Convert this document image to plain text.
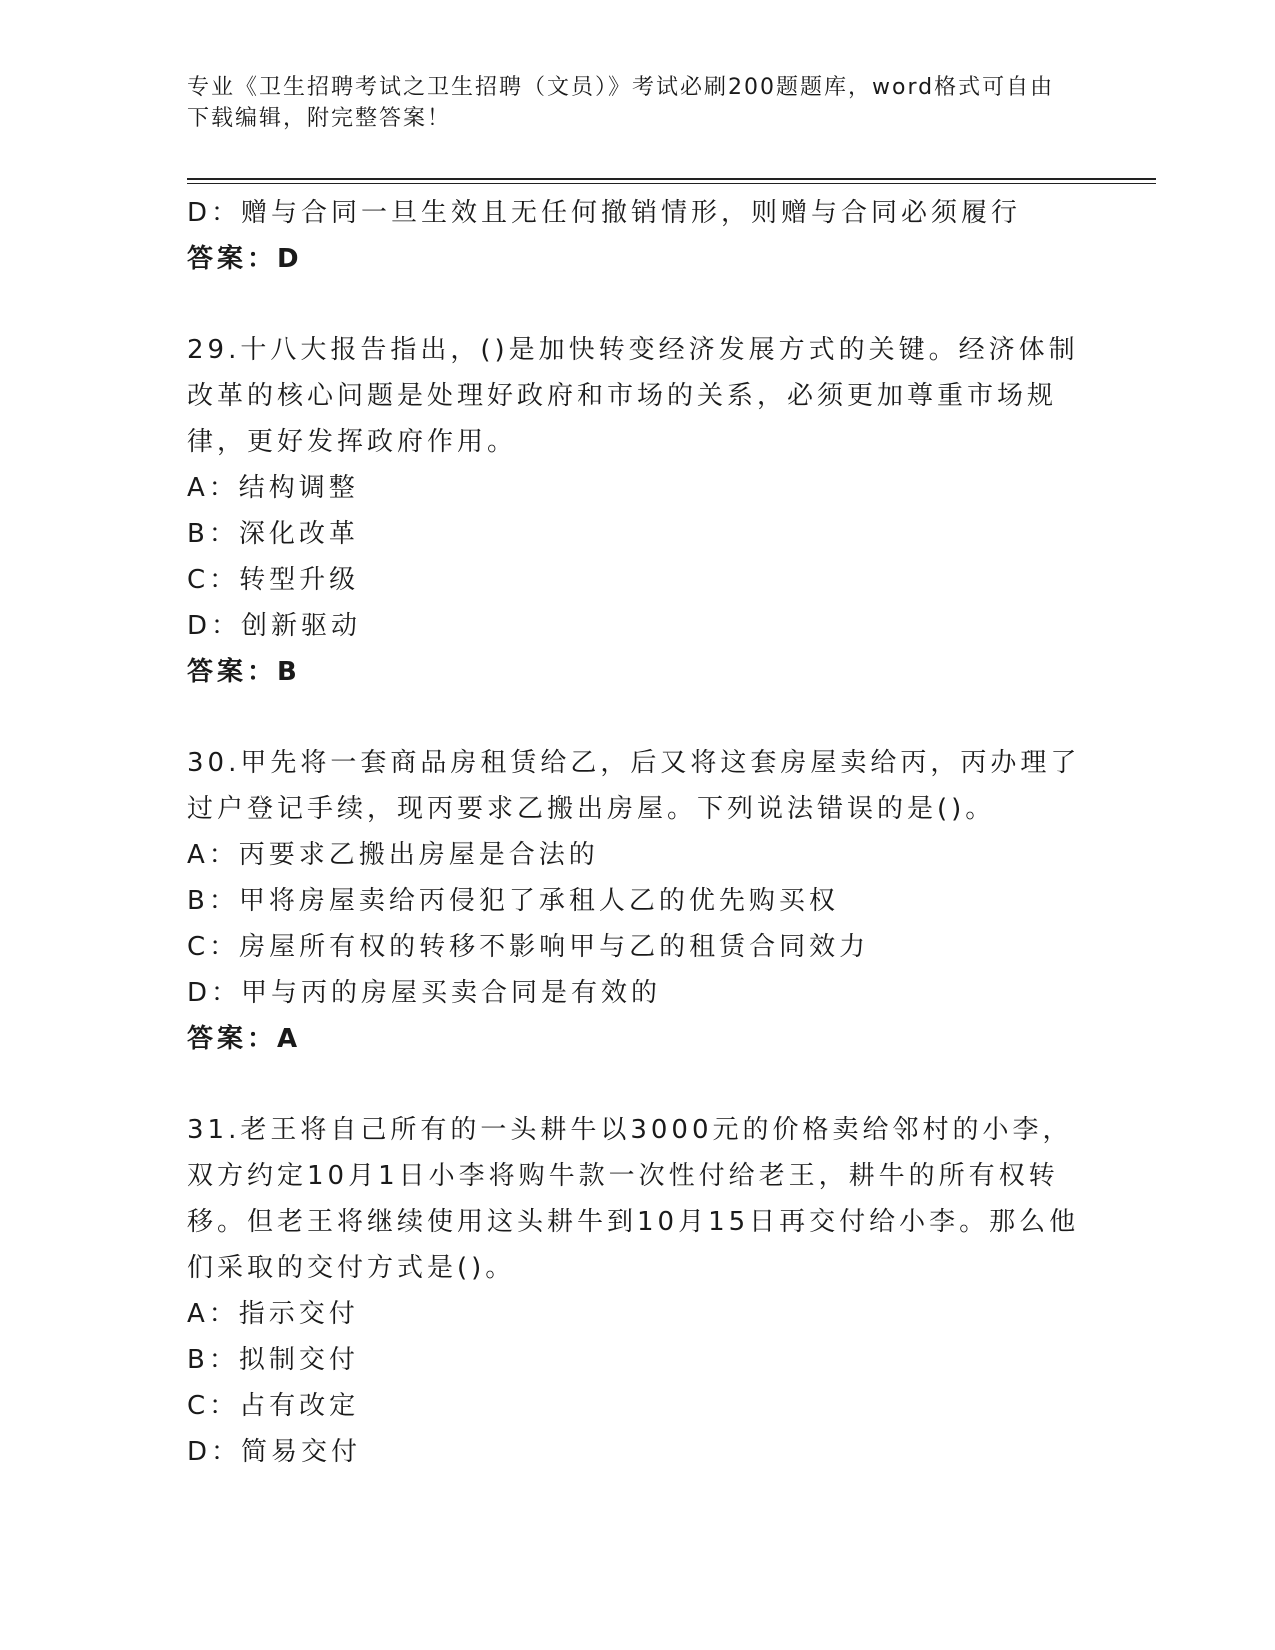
专业《卫生招聘考试之卫生招聘（文员）》考试必刷200题题库，word格式可自由下载编辑，附完整答案！
D：赠与合同一旦生效且无任何撤销情形，则赠与合同必须履行
答案：D
29.十八大报告指出，()是加快转变经济发展方式的关键。经济体制改革的核心问题是处理好政府和市场的关系，必须更加尊重市场规律，更好发挥政府作用。
A：结构调整
B：深化改革
C：转型升级
D：创新驱动
答案：B
30.甲先将一套商品房租赁给乙，后又将这套房屋卖给丙，丙办理了过户登记手续，现丙要求乙搬出房屋。下列说法错误的是()。
A：丙要求乙搬出房屋是合法的
B：甲将房屋卖给丙侵犯了承租人乙的优先购买权
C：房屋所有权的转移不影响甲与乙的租赁合同效力
D：甲与丙的房屋买卖合同是有效的
答案：A
31.老王将自己所有的一头耕牛以3000元的价格卖给邻村的小李，双方约定10月1日小李将购牛款一次性付给老王，耕牛的所有权转移。但老王将继续使用这头耕牛到10月15日再交付给小李。那么他们采取的交付方式是()。
A：指示交付
B：拟制交付
C：占有改定
D：简易交付
